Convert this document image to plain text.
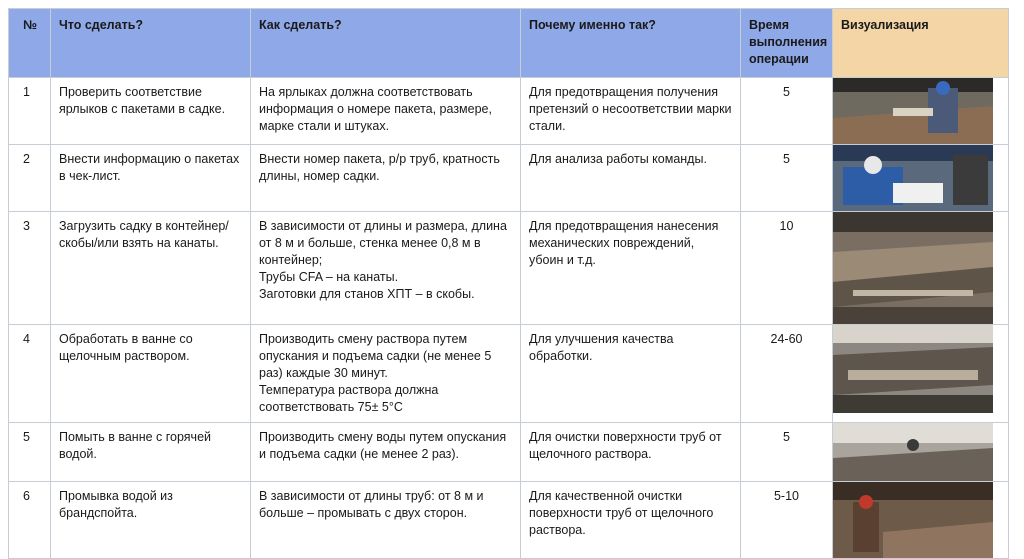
№	Что сделать?	Как сделать?	Почему именно так?	Время выполнения операции	Визуализация
1	Проверить соответствие ярлыков с пакетами в садке.	На ярлыках должна соответствовать информация о номере пакета, размере, марке стали и штуках.	Для предотвращения получения претензий о несоответствии марки стали.	5	

2	Внести информацию о пакетах в чек-лист.	Внести номер пакета, р/р труб, кратность длины, номер садки.	Для анализа работы команды.	5	

3	Загрузить садку в контейнер/скобы/или взять на канаты.	В зависимости от длины и размера, длина от 8 м и больше, стенка менее 0,8 м в контейнер;
Трубы CFA – на канаты.
Заготовки для станов ХПТ – в скобы.	Для предотвращения нанесения механических повреждений, убоин и т.д.	10	

4	Обработать в ванне со щелочным раствором.	Производить смену раствора путем опускания и подъема садки (не менее 5 раз) каждые 30 минут.
Температура раствора должна соответствовать 75± 5°С	Для улучшения качества обработки.	24-60	

5	Помыть в ванне с горячей водой.	Производить смену воды путем опускания и подъема садки (не менее 2 раз).	Для очистки поверхности труб от щелочного раствора.	5	

6	Промывка водой из брандспойта.	В зависимости от длины труб: от 8 м и больше – промывать с двух сторон.	Для качественной очистки поверхности труб от щелочного раствора.	5-10	
